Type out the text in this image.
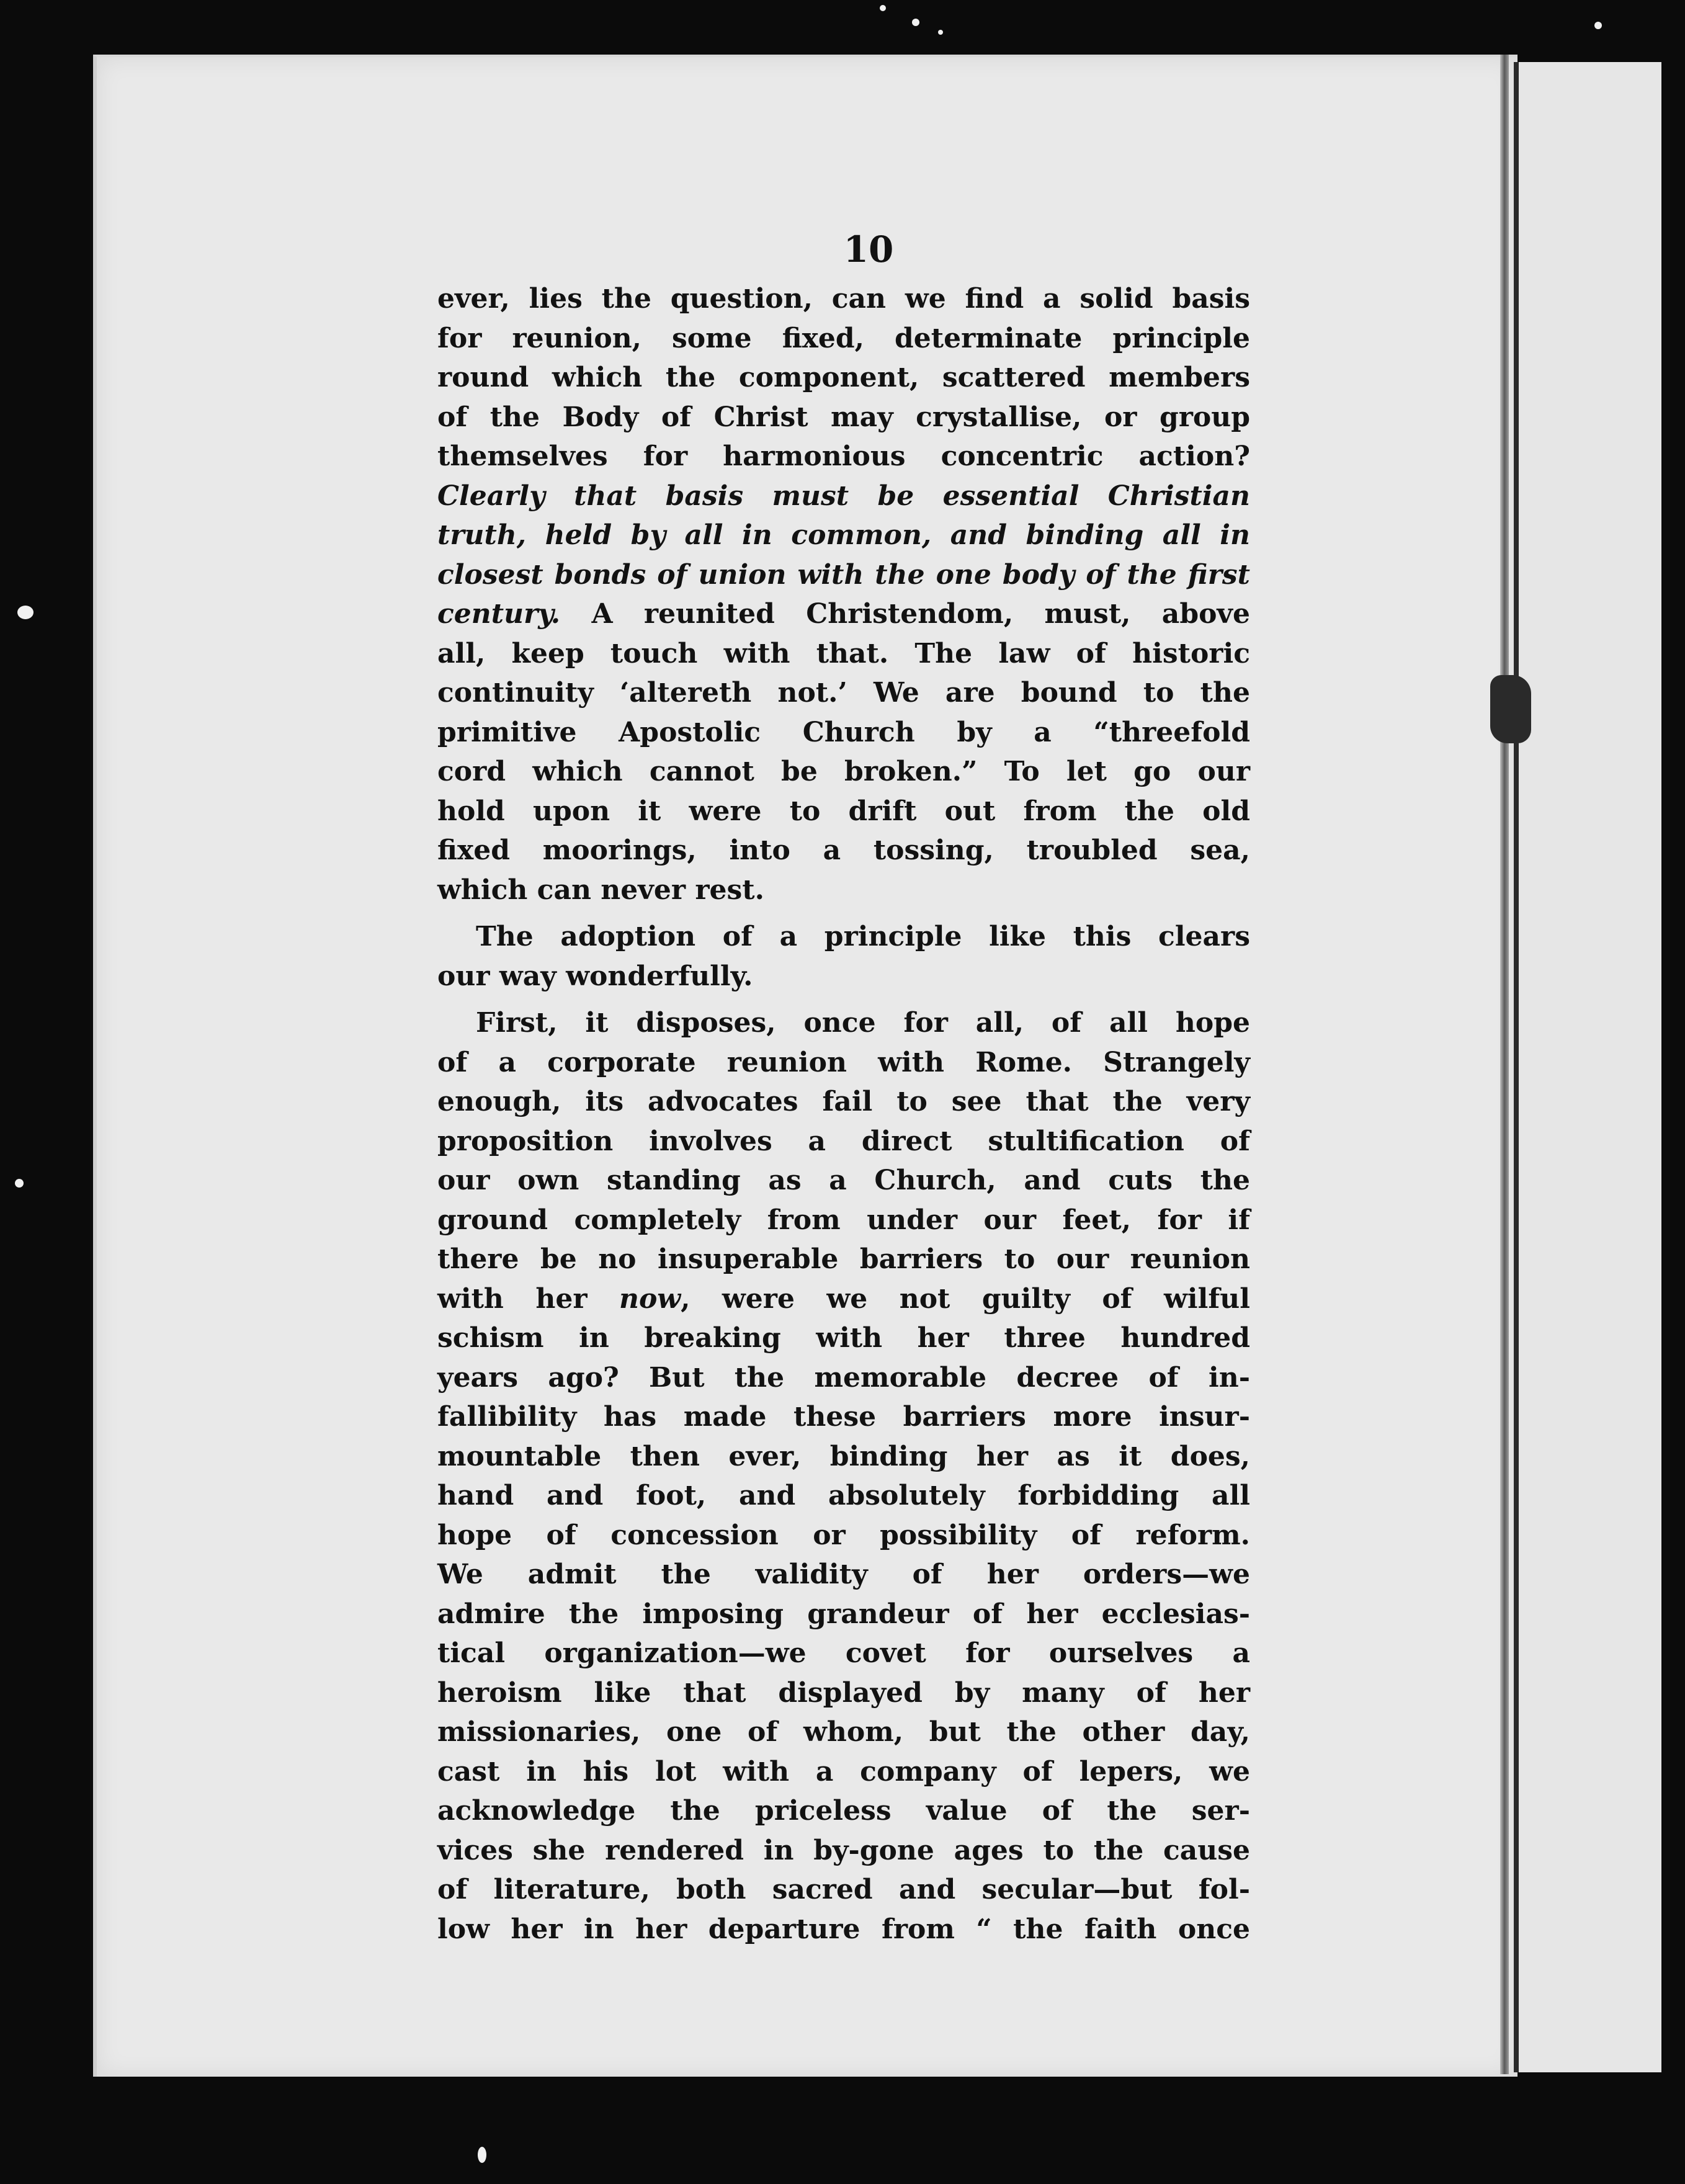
10
ever, lies the question, can we find a solid basis
for reunion, some fixed, determinate principle
round which the component, scattered members
of the Body of Christ may crystallise, or group
themselves for harmonious concentric action?
Clearly that basis must be essential Christian
truth, held by all in common, and binding all in
closest bonds of union with the one body of the first
century. A reunited Christendom, must, above
all, keep touch with that. The law of historic
continuity ‘altereth not.’ We are bound to the
primitive Apostolic Church by a “threefold
cord which cannot be broken.” To let go our
hold upon it were to drift out from the old
fixed moorings, into a tossing, troubled sea,
which can never rest.
The adoption of a principle like this clears
our way wonderfully.
First, it disposes, once for all, of all hope
of a corporate reunion with Rome. Strangely
enough, its advocates fail to see that the very
proposition involves a direct stultification of
our own standing as a Church, and cuts the
ground completely from under our feet, for if
there be no insuperable barriers to our reunion
with her now, were we not guilty of wilful
schism in breaking with her three hundred
years ago? But the memorable decree of in-
fallibility has made these barriers more insur-
mountable then ever, binding her as it does,
hand and foot, and absolutely forbidding all
hope of concession or possibility of reform.
We admit the validity of her orders—we
admire the imposing grandeur of her ecclesias-
tical organization—we covet for ourselves a
heroism like that displayed by many of her
missionaries, one of whom, but the other day,
cast in his lot with a company of lepers, we
acknowledge the priceless value of the ser-
vices she rendered in by-gone ages to the cause
of literature, both sacred and secular—but fol-
low her in her departure from “ the faith once
